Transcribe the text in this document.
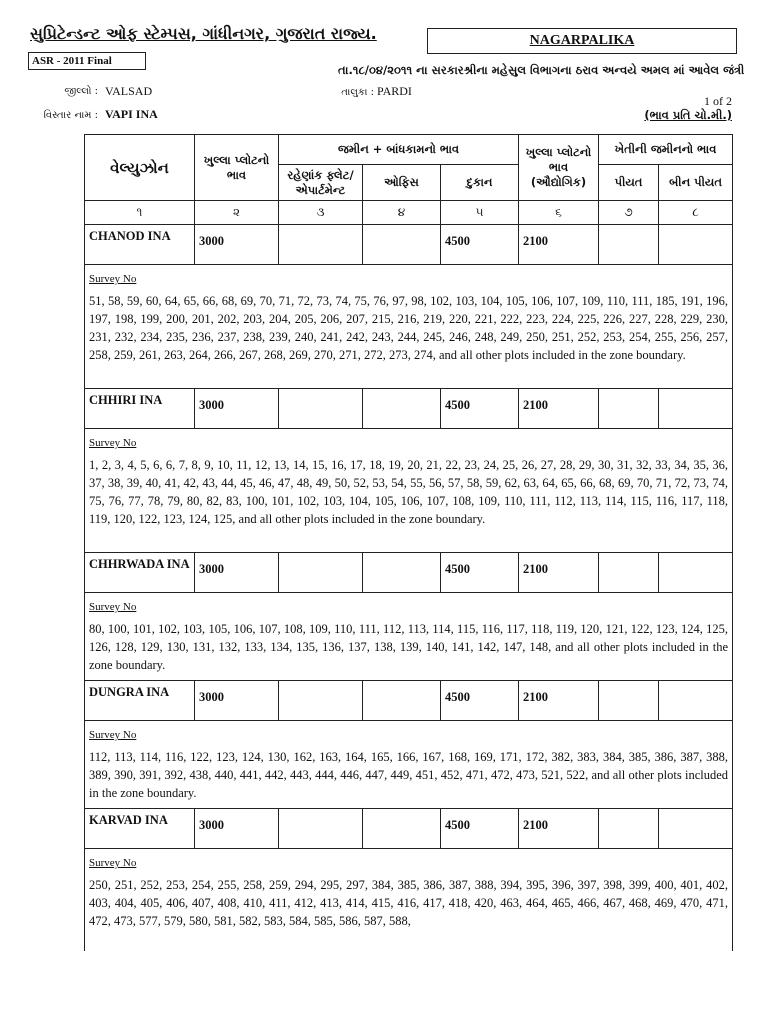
સુપ્રિટેન્ડન્ટ ઓફ સ્ટેમ્પસ, ગાંધીનગર, ગુજરાત રાજ્ય.	NAGARPALIKA
ASR - 2011 Final
તા.૧૮/૦૪/૨૦૧૧ ના સરકારશ્રીના મહેસુલ વિભાગના ઠરાવ અન્વયે અમલ માં આવેલ જંત્રી
જીલ્લો : VALSAD	તાલુકા : PARDI
વિસ્તાર નામ : VAPI INA
1 of 2
(ભાવ પ્રતિ ચો.મી.)
વેલ્યુઝોન	ખુલ્લા પ્લોટનો ભાવ	જમીન + બાંધકામનો ભાવ			ખુલ્લા પ્લોટનો ભાવ (ઔદ્યોગિક)	ખેતીની જમીનનો ભાવ	
		રહેણાંક ફ્લેટ/ એપાર્ટમેન્ટ	ઓફિસ	દુકાન		પીયત	બીન પીયત
૧	૨	૩	૪	૫	૬	૭	૮
CHANOD INA	3000			4500	2100		

Survey No
51, 58, 59, 60, 64, 65, 66, 68, 69, 70, 71, 72, 73, 74, 75, 76, 97, 98, 102, 103, 104, 105, 106, 107, 109, 110, 111, 185, 191, 196, 197, 198, 199, 200, 201, 202, 203, 204, 205, 206, 207, 215, 216, 219, 220, 221, 222, 223, 224, 225, 226, 227, 228, 229, 230, 231, 232, 234, 235, 236, 237, 238, 239, 240, 241, 242, 243, 244, 245, 246, 248, 249, 250, 251, 252, 253, 254, 255, 256, 257, 258, 259, 261, 263, 264, 266, 267, 268, 269, 270, 271, 272, 273, 274, and all other plots included in the zone boundary.							

CHHIRI INA	3000			4500	2100		

Survey No
1, 2, 3, 4, 5, 6, 6, 7, 8, 9, 10, 11, 12, 13, 14, 15, 16, 17, 18, 19, 20, 21, 22, 23, 24, 25, 26, 27, 28, 29, 30, 31, 32, 33, 34, 35, 36, 37, 38, 39, 40, 41, 42, 43, 44, 45, 46, 47, 48, 49, 50, 52, 53, 54, 55, 56, 57, 58, 59, 62, 63, 64, 65, 66, 68, 69, 70, 71, 72, 73, 74, 75, 76, 77, 78, 79, 80, 82, 83, 100, 101, 102, 103, 104, 105, 106, 107, 108, 109, 110, 111, 112, 113, 114, 115, 116, 117, 118, 119, 120, 122, 123, 124, 125, and all other plots included in the zone boundary.							

CHHRWADA INA	3000			4500	2100		

Survey No
80, 100, 101, 102, 103, 105, 106, 107, 108, 109, 110, 111, 112, 113, 114, 115, 116, 117, 118, 119, 120, 121, 122, 123, 124, 125, 126, 128, 129, 130, 131, 132, 133, 134, 135, 136, 137, 138, 139, 140, 141, 142, 147, 148, and all other plots included in the zone boundary.							

DUNGRA INA	3000			4500	2100		

Survey No
112, 113, 114, 116, 122, 123, 124, 130, 162, 163, 164, 165, 166, 167, 168, 169, 171, 172, 382, 383, 384, 385, 386, 387, 388, 389, 390, 391, 392, 438, 440, 441, 442, 443, 444, 446, 447, 449, 451, 452, 471, 472, 473, 521, 522, and all other plots included in the zone boundary.							

KARVAD INA	3000			4500	2100		

Survey No
250, 251, 252, 253, 254, 255, 258, 259, 294, 295, 297, 384, 385, 386, 387, 388, 394, 395, 396, 397, 398, 399, 400, 401, 402, 403, 404, 405, 406, 407, 408, 410, 411, 412, 413, 414, 415, 416, 417, 418, 420, 463, 464, 465, 466, 467, 468, 469, 470, 471, 472, 473, 577, 579, 580, 581, 582, 583, 584, 585, 586, 587, 588,							
